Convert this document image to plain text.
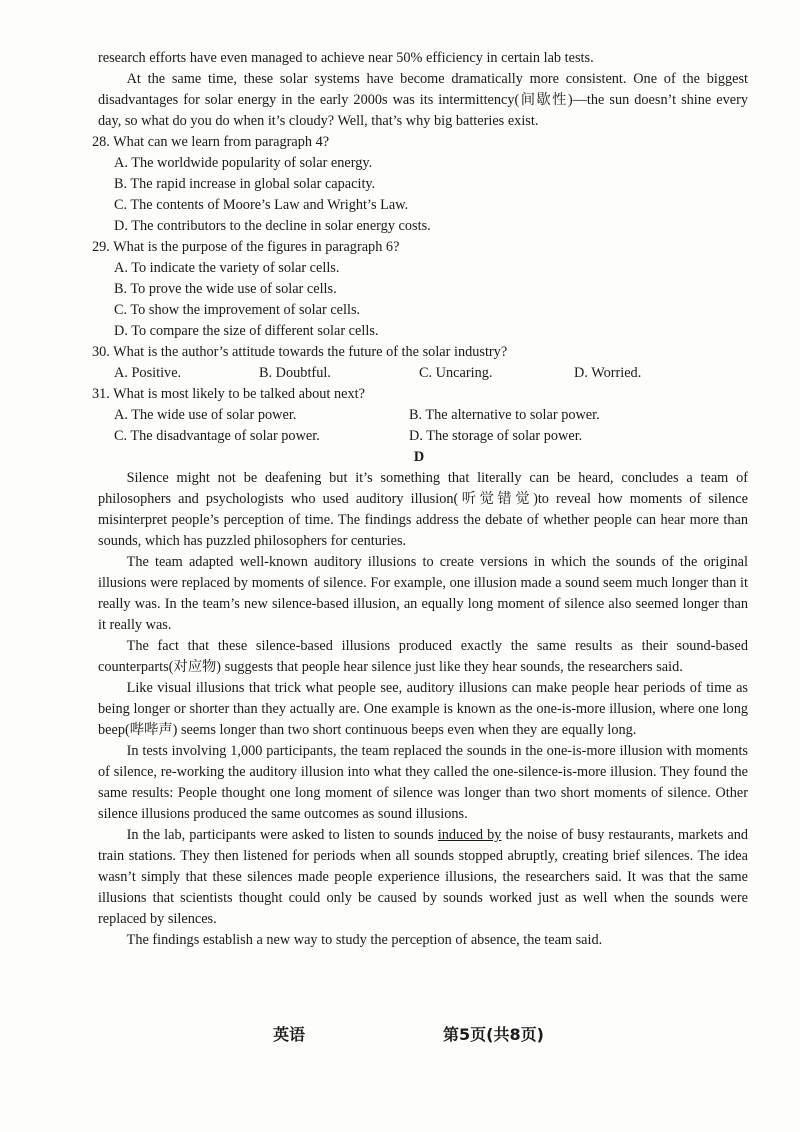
research efforts have even managed to achieve near 50% efficiency in certain lab tests.

At the same time, these solar systems have become dramatically more consistent. One of the biggest disadvantages for solar energy in the early 2000s was its intermittency(间歇性)—the sun doesn’t shine every day, so what do you do when it’s cloudy? Well, that’s why big batteries exist.

28. What can we learn from paragraph 4?
A. The worldwide popularity of solar energy.
B. The rapid increase in global solar capacity.
C. The contents of Moore’s Law and Wright’s Law.
D. The contributors to the decline in solar energy costs.
29. What is the purpose of the figures in paragraph 6?
A. To indicate the variety of solar cells.
B. To prove the wide use of solar cells.
C. To show the improvement of solar cells.
D. To compare the size of different solar cells.
30. What is the author’s attitude towards the future of the solar industry?
A. Positive.	B. Doubtful.	C. Uncaring.	D. Worried.
31. What is most likely to be talked about next?
A. The wide use of solar power.	B. The alternative to solar power.
C. The disadvantage of solar power.	D. The storage of solar power.
D

Silence might not be deafening but it’s something that literally can be heard, concludes a team of philosophers and psychologists who used auditory illusion(听觉错觉)to reveal how moments of silence misinterpret people’s perception of time. The findings address the debate of whether people can hear more than sounds, which has puzzled philosophers for centuries.

The team adapted well-known auditory illusions to create versions in which the sounds of the original illusions were replaced by moments of silence. For example, one illusion made a sound seem much longer than it really was. In the team’s new silence-based illusion, an equally long moment of silence also seemed longer than it really was.

The fact that these silence-based illusions produced exactly the same results as their sound-based counterparts(对应物) suggests that people hear silence just like they hear sounds, the researchers said.

Like visual illusions that trick what people see, auditory illusions can make people hear periods of time as being longer or shorter than they actually are. One example is known as the one-is-more illusion, where one long beep(哔哔声) seems longer than two short continuous beeps even when they are equally long.

In tests involving 1,000 participants, the team replaced the sounds in the one-is-more illusion with moments of silence, re-working the auditory illusion into what they called the one-silence-is-more illusion. They found the same results: People thought one long moment of silence was longer than two short moments of silence. Other silence illusions produced the same outcomes as sound illusions.

In the lab, participants were asked to listen to sounds induced by the noise of busy restaurants, markets and train stations. They then listened for periods when all sounds stopped abruptly, creating brief silences. The idea wasn’t simply that these silences made people experience illusions, the researchers said. It was that the same illusions that scientists thought could only be caused by sounds worked just as well when the sounds were replaced by silences.

The findings establish a new way to study the perception of absence, the team said.

英语	第5页(共8页)
